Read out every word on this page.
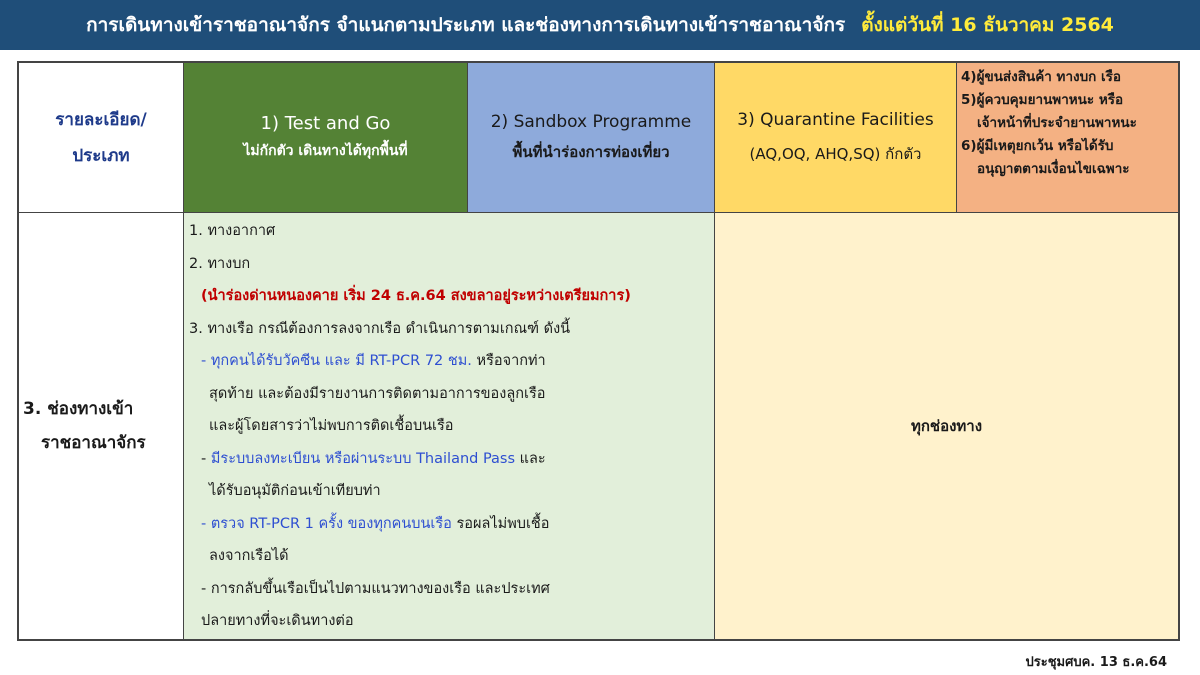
การเดินทางเข้าราชอาณาจักร จำแนกตามประเภท และช่องทางการเดินทางเข้าราชอาณาจักร ตั้งแต่วันที่ 16 ธันวาคม 2564
รายละเอียด/
ประเภท
1) Test and Go
ไม่กักตัว เดินทางได้ทุกพื้นที่
2) Sandbox Programme
พื้นที่นำร่องการท่องเที่ยว
3) Quarantine Facilities
(AQ,OQ, AHQ,SQ) กักตัว
4)ผู้ขนส่งสินค้า ทางบก เรือ
5)ผู้ควบคุมยานพาหนะ หรือ
เจ้าหน้าที่ประจำยานพาหนะ
6)ผู้มีเหตุยกเว้น หรือได้รับ
อนุญาตตามเงื่อนไขเฉพาะ
3. ช่องทางเข้า
ราชอาณาจักร
1. ทางอากาศ
2. ทางบก
(นำร่องด่านหนองคาย เริ่ม 24 ธ.ค.64 สงขลาอยู่ระหว่างเตรียมการ)
3. ทางเรือ กรณีต้องการลงจากเรือ ดำเนินการตามเกณฑ์ ดังนี้
- ทุกคนได้รับวัคซีน และ มี RT-PCR 72 ชม. หรือจากท่า
สุดท้าย และต้องมีรายงานการติดตามอาการของลูกเรือ
และผู้โดยสารว่าไม่พบการติดเชื้อบนเรือ
- มีระบบลงทะเบียน หรือผ่านระบบ Thailand Pass และ
ได้รับอนุมัติก่อนเข้าเทียบท่า
- ตรวจ RT-PCR 1 ครั้ง ของทุกคนบนเรือ รอผลไม่พบเชื้อ
ลงจากเรือได้
- การกลับขึ้นเรือเป็นไปตามแนวทางของเรือ และประเทศ
ปลายทางที่จะเดินทางต่อ
ทุกช่องทาง
ประชุมศบค. 13 ธ.ค.64
